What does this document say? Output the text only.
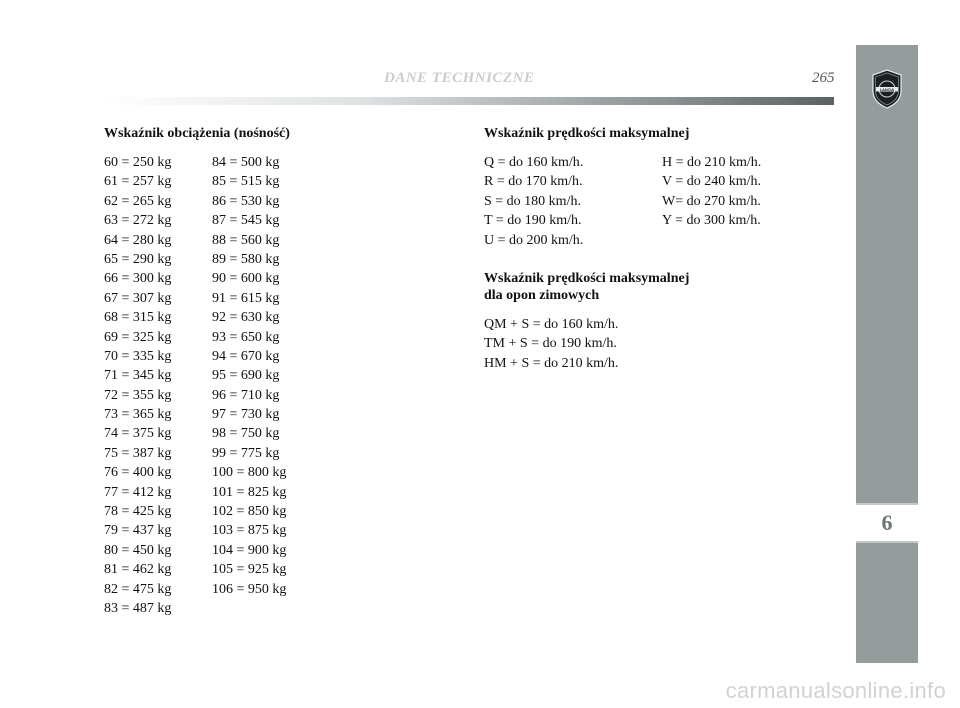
DANE TECHNICZNE	265
LANCIA
6
Wskaźnik obciążenia (nośność)
60 = 250 kg
61 = 257 kg
62 = 265 kg
63 = 272 kg
64 = 280 kg
65 = 290 kg
66 = 300 kg
67 = 307 kg
68 = 315 kg
69 = 325 kg
70 = 335 kg
71 = 345 kg
72 = 355 kg
73 = 365 kg
74 = 375 kg
75 = 387 kg
76 = 400 kg
77 = 412 kg
78 = 425 kg
79 = 437 kg
80 = 450 kg
81 = 462 kg
82 = 475 kg
83 = 487 kg
84 = 500 kg
85 = 515 kg
86 = 530 kg
87 = 545 kg
88 = 560 kg
89 = 580 kg
90 = 600 kg
91 = 615 kg
92 = 630 kg
93 = 650 kg
94 = 670 kg
95 = 690 kg
96 = 710 kg
97 = 730 kg
98 = 750 kg
99 = 775 kg
100 = 800 kg
101 = 825 kg
102 = 850 kg
103 = 875 kg
104 = 900 kg
105 = 925 kg
106 = 950 kg
Wskaźnik prędkości maksymalnej
Q = do 160 km/h.
R = do 170 km/h.
S = do 180 km/h.
T = do 190 km/h.
U = do 200 km/h.
H = do 210 km/h.
V = do 240 km/h.
W= do 270 km/h.
Y = do 300 km/h.
Wskaźnik prędkości maksymalnej
dla opon zimowych
QM + S = do 160 km/h.
TM + S = do 190 km/h.
HM + S = do 210 km/h.
carmanualsonline.info
